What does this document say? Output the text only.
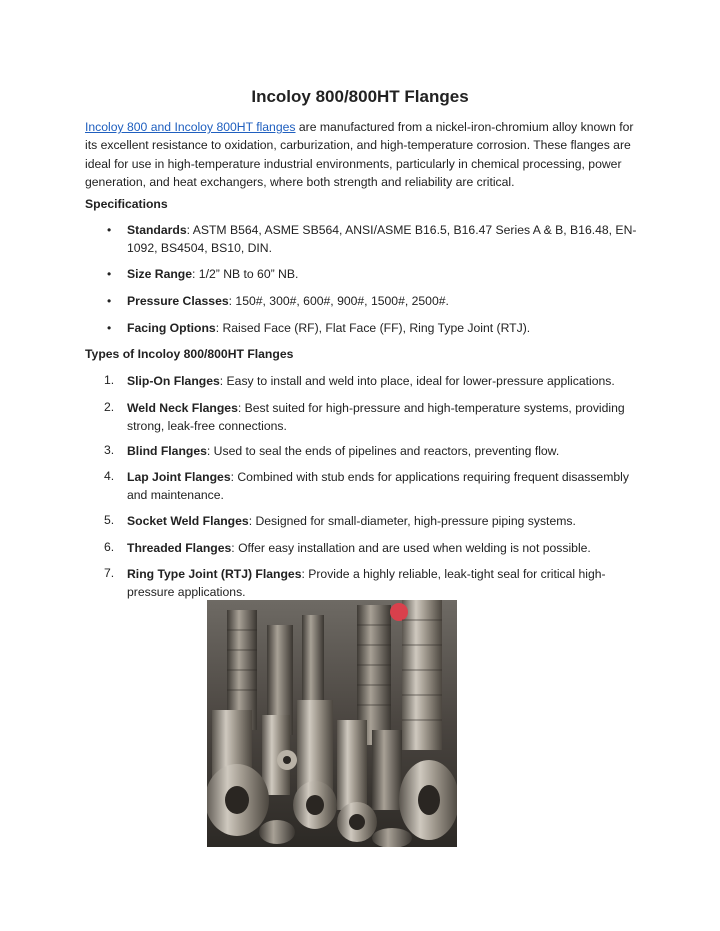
Incoloy 800/800HT Flanges

Incoloy 800 and Incoloy 800HT flanges are manufactured from a nickel-iron-chromium alloy known for its excellent resistance to oxidation, carburization, and high-temperature corrosion. These flanges are ideal for use in high-temperature industrial environments, particularly in chemical processing, power generation, and heat exchangers, where both strength and reliability are critical.

Specifications

• Standards: ASTM B564, ASME SB564, ANSI/ASME B16.5, B16.47 Series A & B, B16.48, EN-1092, BS4504, BS10, DIN.

• Size Range: 1/2” NB to 60” NB.

• Pressure Classes: 150#, 300#, 600#, 900#, 1500#, 2500#.

• Facing Options: Raised Face (RF), Flat Face (FF), Ring Type Joint (RTJ).

Types of Incoloy 800/800HT Flanges

1. Slip-On Flanges: Easy to install and weld into place, ideal for lower-pressure applications.

2. Weld Neck Flanges: Best suited for high-pressure and high-temperature systems, providing strong, leak-free connections.

3. Blind Flanges: Used to seal the ends of pipelines and reactors, preventing flow.

4. Lap Joint Flanges: Combined with stub ends for applications requiring frequent disassembly and maintenance.

5. Socket Weld Flanges: Designed for small-diameter, high-pressure piping systems.

6. Threaded Flanges: Offer easy installation and are used when welding is not possible.

7. Ring Type Joint (RTJ) Flanges: Provide a highly reliable, leak-tight seal for critical high-pressure applications.
